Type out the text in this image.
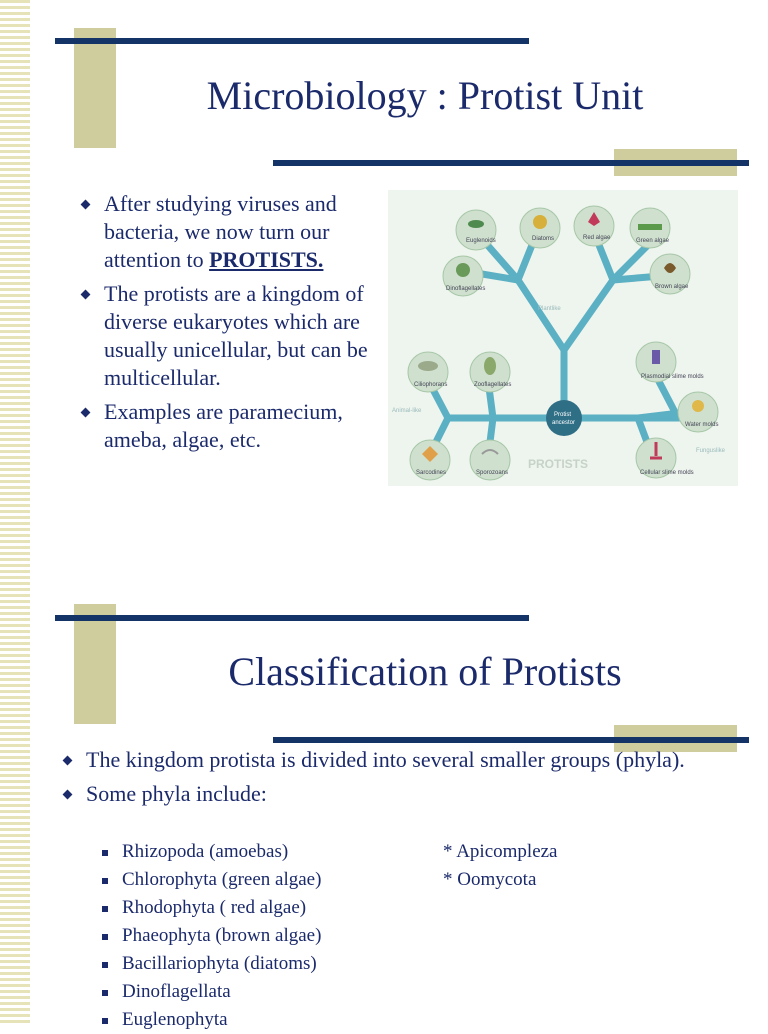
Microbiology : Protist Unit
After studying viruses and bacteria, we now turn our attention to PROTISTS.
The protists are a kingdom of diverse eukaryotes which are usually unicellular, but can be multicellular.
Examples are paramecium, ameba, algae, etc.
PROTISTS
Euglenoids	Diatoms	Red algae	Green algae
Dinoflagellates	Brown algae
Ciliophorans	Zooflagellates
Plasmodial slime molds
Water molds
Sarcodines	Sporozoans	Cellular slime molds
Plantlike
Animal-like
Funguslike
Protist
ancestor
Classification of Protists
The kingdom protista is divided into several smaller groups (phyla).
Some phyla include:
Rhizopoda (amoebas)
Chlorophyta (green algae)
Rhodophyta ( red algae)
Phaeophyta (brown algae)
Bacillariophyta (diatoms)
Dinoflagellata
Euglenophyta
* Apicompleza
* Oomycota
